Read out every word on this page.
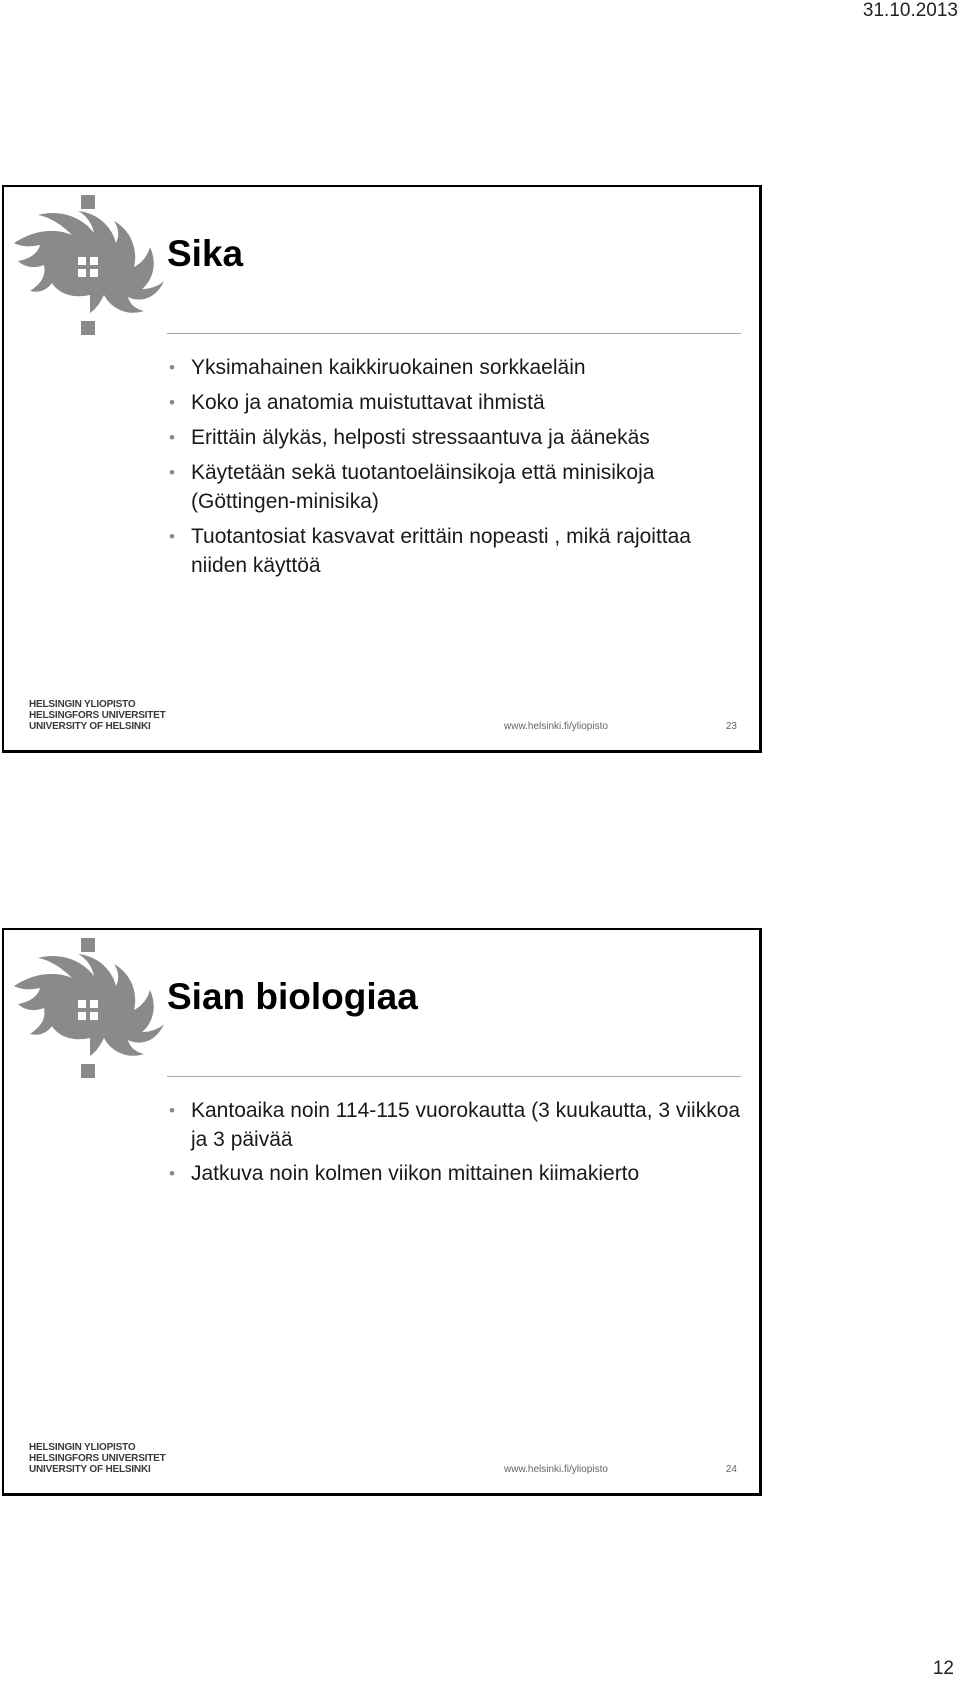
31.10.2013
Sika
• Yksimahainen kaikkiruokainen sorkkaeläin
• Koko ja anatomia muistuttavat ihmistä
• Erittäin älykäs, helposti stressaantuva ja äänekäs
• Käytetään sekä tuotantoeläinsikoja että minisikoja (Göttingen-minisika)
• Tuotantosiat kasvavat erittäin nopeasti , mikä rajoittaa niiden käyttöä
HELSINGIN YLIOPISTO
HELSINGFORS UNIVERSITET
UNIVERSITY OF HELSINKI	www.helsinki.fi/yliopisto	23
Sian biologiaa
• Kantoaika noin 114-115 vuorokautta (3 kuukautta, 3 viikkoa ja 3 päivää
• Jatkuva noin kolmen viikon mittainen kiimakierto
HELSINGIN YLIOPISTO
HELSINGFORS UNIVERSITET
UNIVERSITY OF HELSINKI	www.helsinki.fi/yliopisto	24
12
